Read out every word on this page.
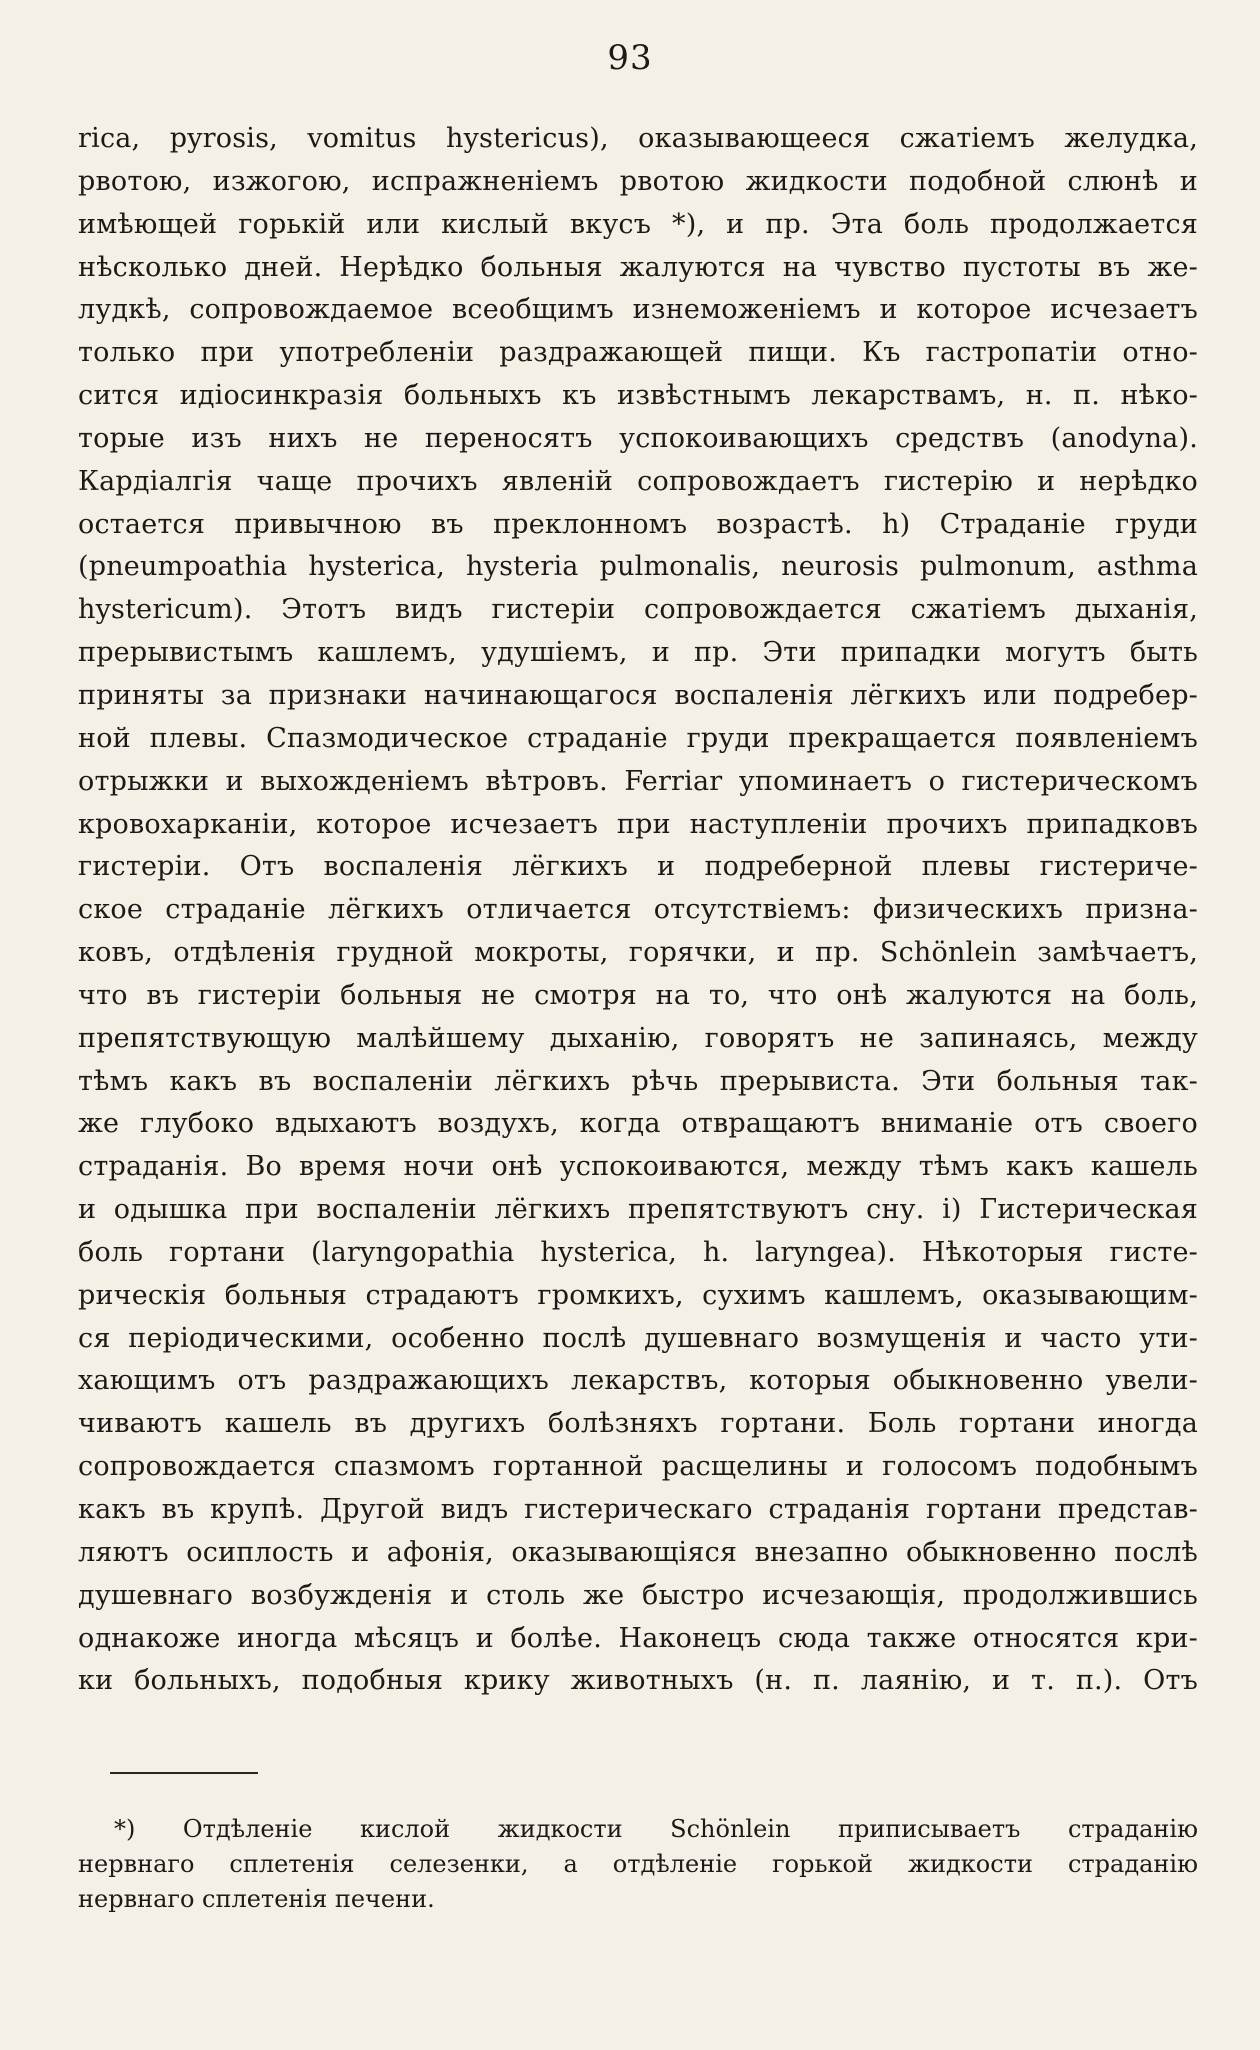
93
rica, pyrosis, vomitus hystericus), оказывающееся сжатіемъ желудка,
рвотою, изжогою, испражненіемъ рвотою жидкости подобной слюнѣ и
имѣющей горькій или кислый вкусъ *), и пр. Эта боль продолжается
нѣсколько дней. Нерѣдко больныя жалуются на чувство пустоты въ же-
лудкѣ, сопровождаемое всеобщимъ изнеможеніемъ и которое исчезаетъ
только при употребленіи раздражающей пищи. Къ гастропатіи отно-
сится идіосинкразія больныхъ къ извѣстнымъ лекарствамъ, н. п. нѣко-
торые изъ нихъ не переносятъ успокоивающихъ средствъ (anodyna).
Кардіалгія чаще прочихъ явленій сопровождаетъ гистерію и нерѣдко
остается привычною въ преклонномъ возрастѣ. h) Страданіе груди
(pneumpoathia hysterica, hysteria pulmonalis, neurosis pulmonum, asthma
hystericum). Этотъ видъ гистеріи сопровождается сжатіемъ дыханія,
прерывистымъ кашлемъ, удушіемъ, и пр. Эти припадки могутъ быть
приняты за признаки начинающагося воспаленія лёгкихъ или подребер-
ной плевы. Спазмодическое страданіе груди прекращается появленіемъ
отрыжки и выхожденіемъ вѣтровъ. Ferriar упоминаетъ о гистерическомъ
кровохарканіи, которое исчезаетъ при наступленіи прочихъ припадковъ
гистеріи. Отъ воспаленія лёгкихъ и подреберной плевы гистериче-
ское страданіе лёгкихъ отличается отсутствіемъ: физическихъ призна-
ковъ, отдѣленія грудной мокроты, горячки, и пр. Schönlein замѣчаетъ,
что въ гистеріи больныя не смотря на то, что онѣ жалуются на боль,
препятствующую малѣйшему дыханію, говорятъ не запинаясь, между
тѣмъ какъ въ воспаленіи лёгкихъ рѣчь прерывиста. Эти больныя так-
же глубоко вдыхаютъ воздухъ, когда отвращаютъ вниманіе отъ своего
страданія. Во время ночи онѣ успокоиваются, между тѣмъ какъ кашель
и одышка при воспаленіи лёгкихъ препятствуютъ сну. i) Гистерическая
боль гортани (laryngopathia hysterica, h. laryngea). Нѣкоторыя гисте-
рическія больныя страдаютъ громкихъ, сухимъ кашлемъ, оказывающим-
ся періодическими, особенно послѣ душевнаго возмущенія и часто ути-
хающимъ отъ раздражающихъ лекарствъ, которыя обыкновенно увели-
чиваютъ кашель въ другихъ болѣзняхъ гортани. Боль гортани иногда
сопровождается спазмомъ гортанной расщелины и голосомъ подобнымъ
какъ въ крупѣ. Другой видъ гистерическаго страданія гортани представ-
ляютъ осиплость и афонія, оказывающіяся внезапно обыкновенно послѣ
душевнаго возбужденія и столь же быстро исчезающія, продолжившись
однакоже иногда мѣсяцъ и болѣе. Наконецъ сюда также относятся кри-
ки больныхъ, подобныя крику животныхъ (н. п. лаянію, и т. п.). Отъ
*) Отдѣленіе кислой жидкости Schönlein приписываетъ страданію
нервнаго сплетенія селезенки, а отдѣленіе горькой жидкости страданію
нервнаго сплетенія печени.
